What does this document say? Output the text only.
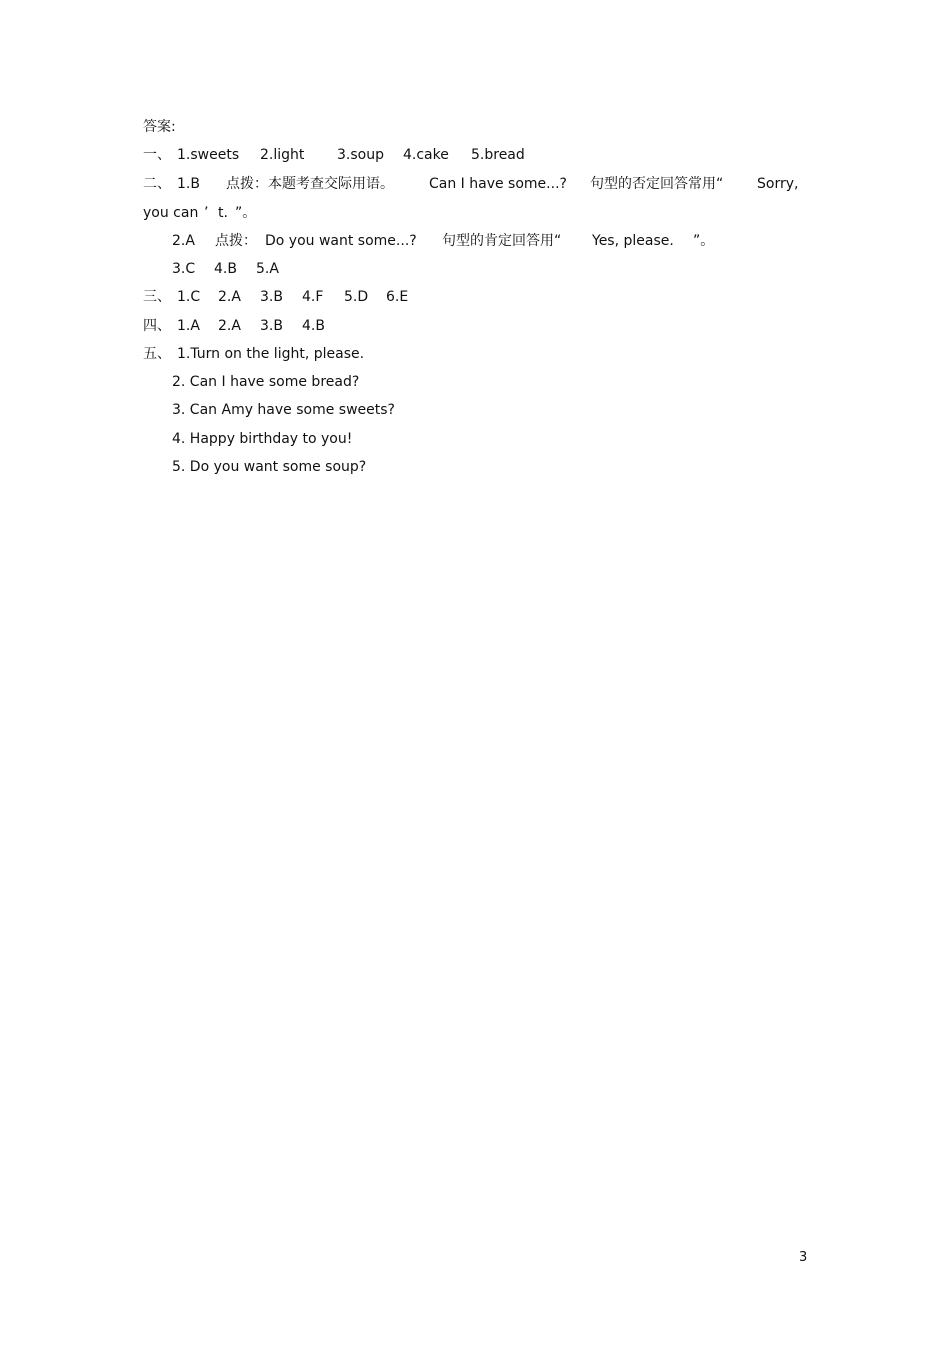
答案:
一、 1.sweets 2.light 3.soup 4.cake 5.bread
二、 1.B 点拨：本题考查交际用语。	Can I have some...? 句型的否定回答常用“ Sorry,
you can ’ t. ”。
2.A 点拨： Do you want some...? 句型的肯定回答用“ Yes, please. ”。
3.C 4.B 5.A
三、 1.C 2.A 3.B 4.F 5.D 6.E
四、 1.A 2.A 3.B 4.B
五、 1.Turn on the light, please.
2. Can I have some bread?
3. Can Amy have some sweets?
4. Happy birthday to you!
5. Do you want some soup?
3
